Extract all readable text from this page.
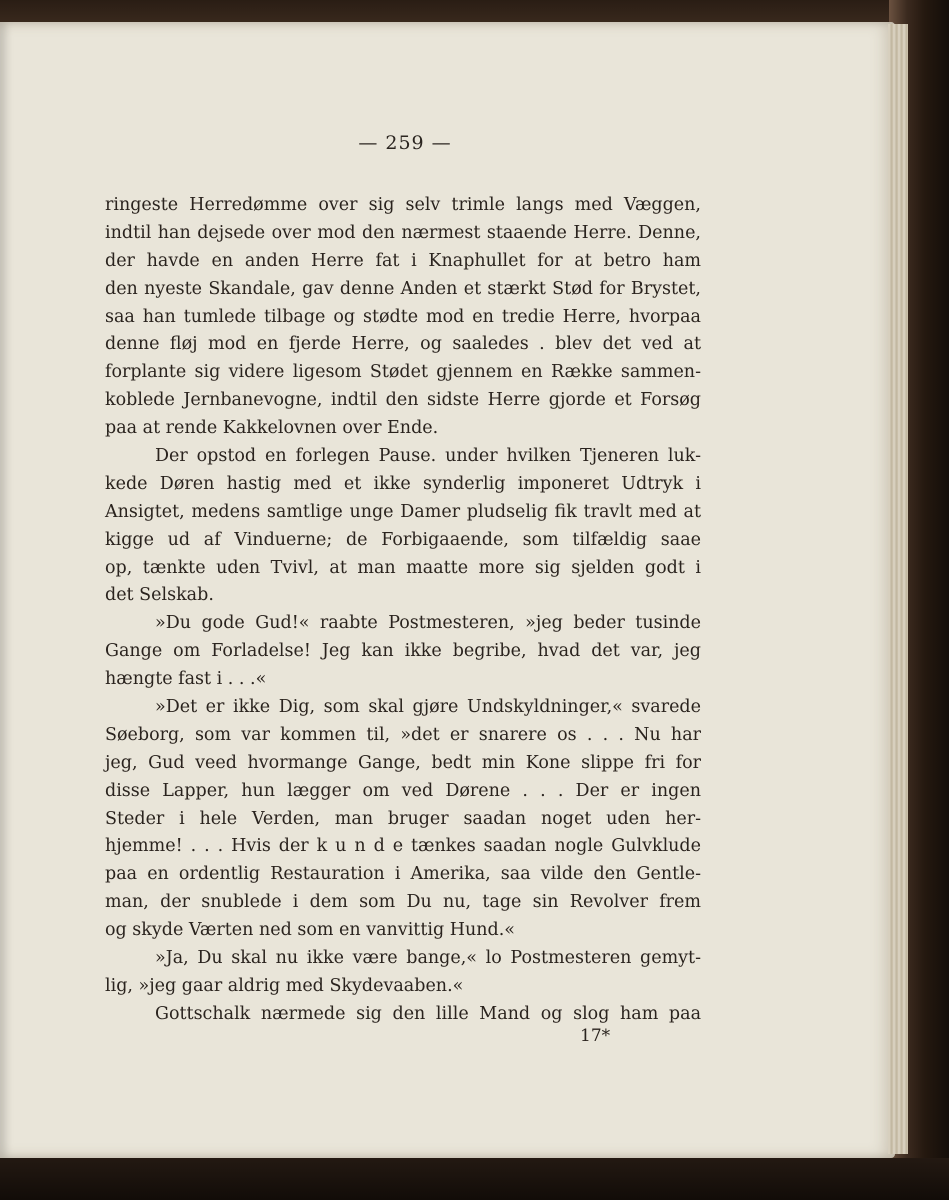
— 259 —
ringeste Herredømme over sig selv trimle langs med Væggen,
indtil han dejsede over mod den nærmest staaende Herre. Denne,
der havde en anden Herre fat i Knaphullet for at betro ham
den nyeste Skandale, gav denne Anden et stærkt Stød for Brystet,
saa han tumlede tilbage og stødte mod en tredie Herre, hvorpaa
denne fløj mod en fjerde Herre, og saaledes . blev det ved at
forplante sig videre ligesom Stødet gjennem en Række sammen-
koblede Jernbanevogne, indtil den sidste Herre gjorde et Forsøg
paa at rende Kakkelovnen over Ende.
Der opstod en forlegen Pause. under hvilken Tjeneren luk-
kede Døren hastig med et ikke synderlig imponeret Udtryk i
Ansigtet, medens samtlige unge Damer pludselig fik travlt med at
kigge ud af Vinduerne; de Forbigaaende, som tilfældig saae
op, tænkte uden Tvivl, at man maatte more sig sjelden godt i
det Selskab.
»Du gode Gud!« raabte Postmesteren, »jeg beder tusinde
Gange om Forladelse! Jeg kan ikke begribe, hvad det var, jeg
hængte fast i . . .«
»Det er ikke Dig, som skal gjøre Undskyldninger,« svarede
Søeborg, som var kommen til, »det er snarere os . . . Nu har
jeg, Gud veed hvormange Gange, bedt min Kone slippe fri for
disse Lapper, hun lægger om ved Dørene . . . Der er ingen
Steder i hele Verden, man bruger saadan noget uden her-
hjemme! . . . Hvis der k u n d e tænkes saadan nogle Gulvklude
paa en ordentlig Restauration i Amerika, saa vilde den Gentle-
man, der snublede i dem som Du nu, tage sin Revolver frem
og skyde Værten ned som en vanvittig Hund.«
»Ja, Du skal nu ikke være bange,« lo Postmesteren gemyt-
lig, »jeg gaar aldrig med Skydevaaben.«
Gottschalk nærmede sig den lille Mand og slog ham paa
17*
